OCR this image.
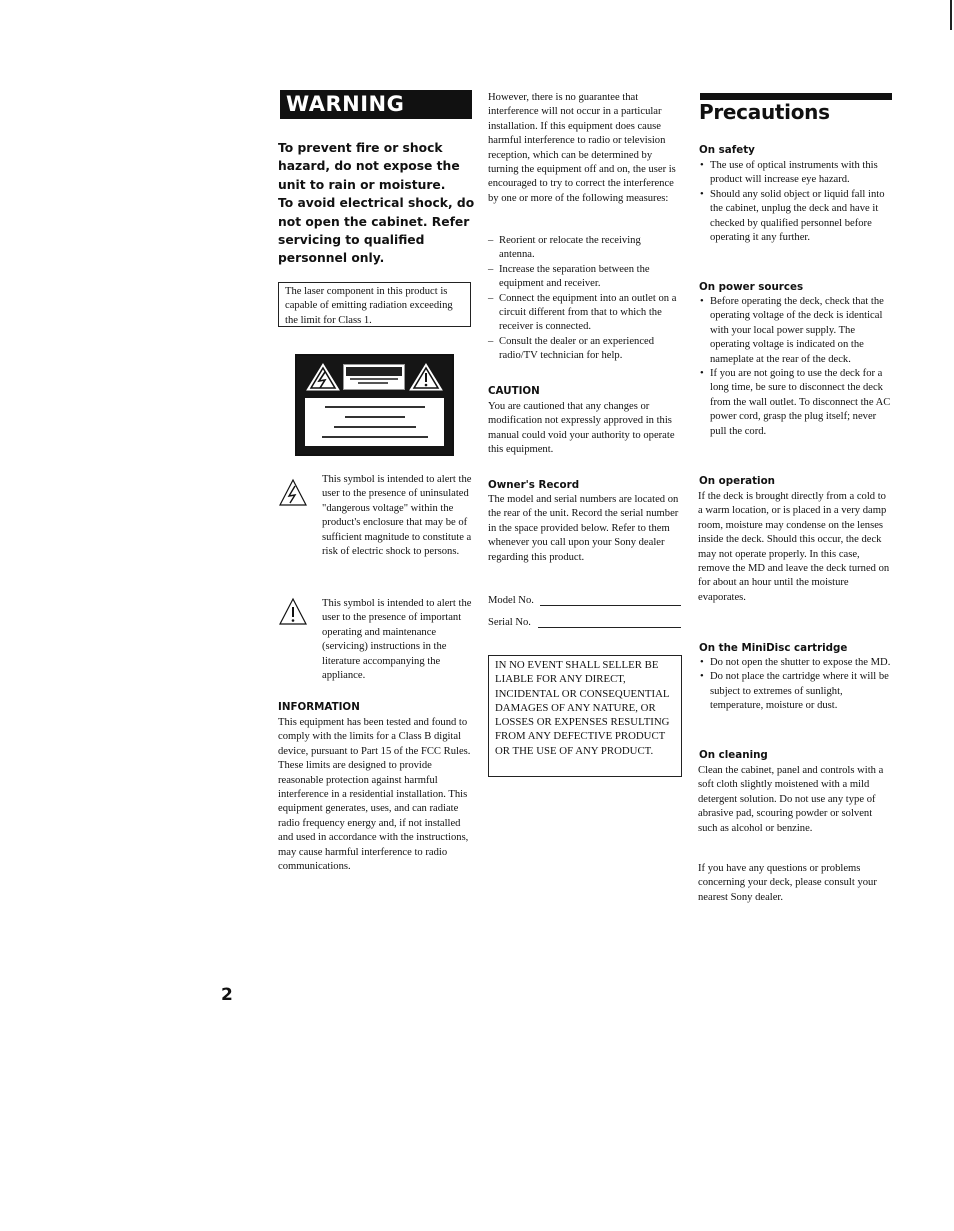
WARNING

To prevent fire or shock hazard, do not expose the unit to rain or moisture.

To avoid electrical shock, do not open the cabinet. Refer servicing to qualified personnel only.

The laser component in this product is capable of emitting radiation exceeding the limit for Class 1.
This symbol is intended to alert the user to the presence of uninsulated "dangerous voltage" within the product's enclosure that may be of sufficient magnitude to constitute a risk of electric shock to persons.
This symbol is intended to alert the user to the presence of important operating and maintenance (servicing) instructions in the literature accompanying the appliance.
INFORMATION
This equipment has been tested and found to comply with the limits for a Class B digital device, pursuant to Part 15 of the FCC Rules. These limits are designed to provide reasonable protection against harmful interference in a residential installation. This equipment generates, uses, and can radiate radio frequency energy and, if not installed and used in accordance with the instructions, may cause harmful interference to radio communications.
However, there is no guarantee that interference will not occur in a particular installation. If this equipment does cause harmful interference to radio or television reception, which can be determined by turning the equipment off and on, the user is encouraged to try to correct the interference by one or more of the following measures:
– Reorient or relocate the receiving antenna.
– Increase the separation between the equipment and receiver.
– Connect the equipment into an outlet on a circuit different from that to which the receiver is connected.
– Consult the dealer or an experienced radio/TV technician for help.
CAUTION
You are cautioned that any changes or modification not expressly approved in this manual could void your authority to operate this equipment.
Owner's Record
The model and serial numbers are located on the rear of the unit. Record the serial number in the space provided below. Refer to them whenever you call upon your Sony dealer regarding this product.
Model No.
Serial No.
IN NO EVENT SHALL SELLER BE LIABLE FOR ANY DIRECT, INCIDENTAL OR CONSEQUENTIAL DAMAGES OF ANY NATURE, OR LOSSES OR EXPENSES RESULTING FROM ANY DEFECTIVE PRODUCT OR THE USE OF ANY PRODUCT.
Precautions
On safety
• The use of optical instruments with this product will increase eye hazard.
• Should any solid object or liquid fall into the cabinet, unplug the deck and have it checked by qualified personnel before operating it any further.
On power sources
• Before operating the deck, check that the operating voltage of the deck is identical with your local power supply. The operating voltage is indicated on the nameplate at the rear of the deck.
• If you are not going to use the deck for a long time, be sure to disconnect the deck from the wall outlet. To disconnect the AC power cord, grasp the plug itself; never pull the cord.
On operation
If the deck is brought directly from a cold to a warm location, or is placed in a very damp room, moisture may condense on the lenses inside the deck. Should this occur, the deck may not operate properly. In this case, remove the MD and leave the deck turned on for about an hour until the moisture evaporates.
On the MiniDisc cartridge
• Do not open the shutter to expose the MD.
• Do not place the cartridge where it will be subject to extremes of sunlight, temperature, moisture or dust.
On cleaning
Clean the cabinet, panel and controls with a soft cloth slightly moistened with a mild detergent solution. Do not use any type of abrasive pad, scouring powder or solvent such as alcohol or benzine.
If you have any questions or problems concerning your deck, please consult your nearest Sony dealer.
2
